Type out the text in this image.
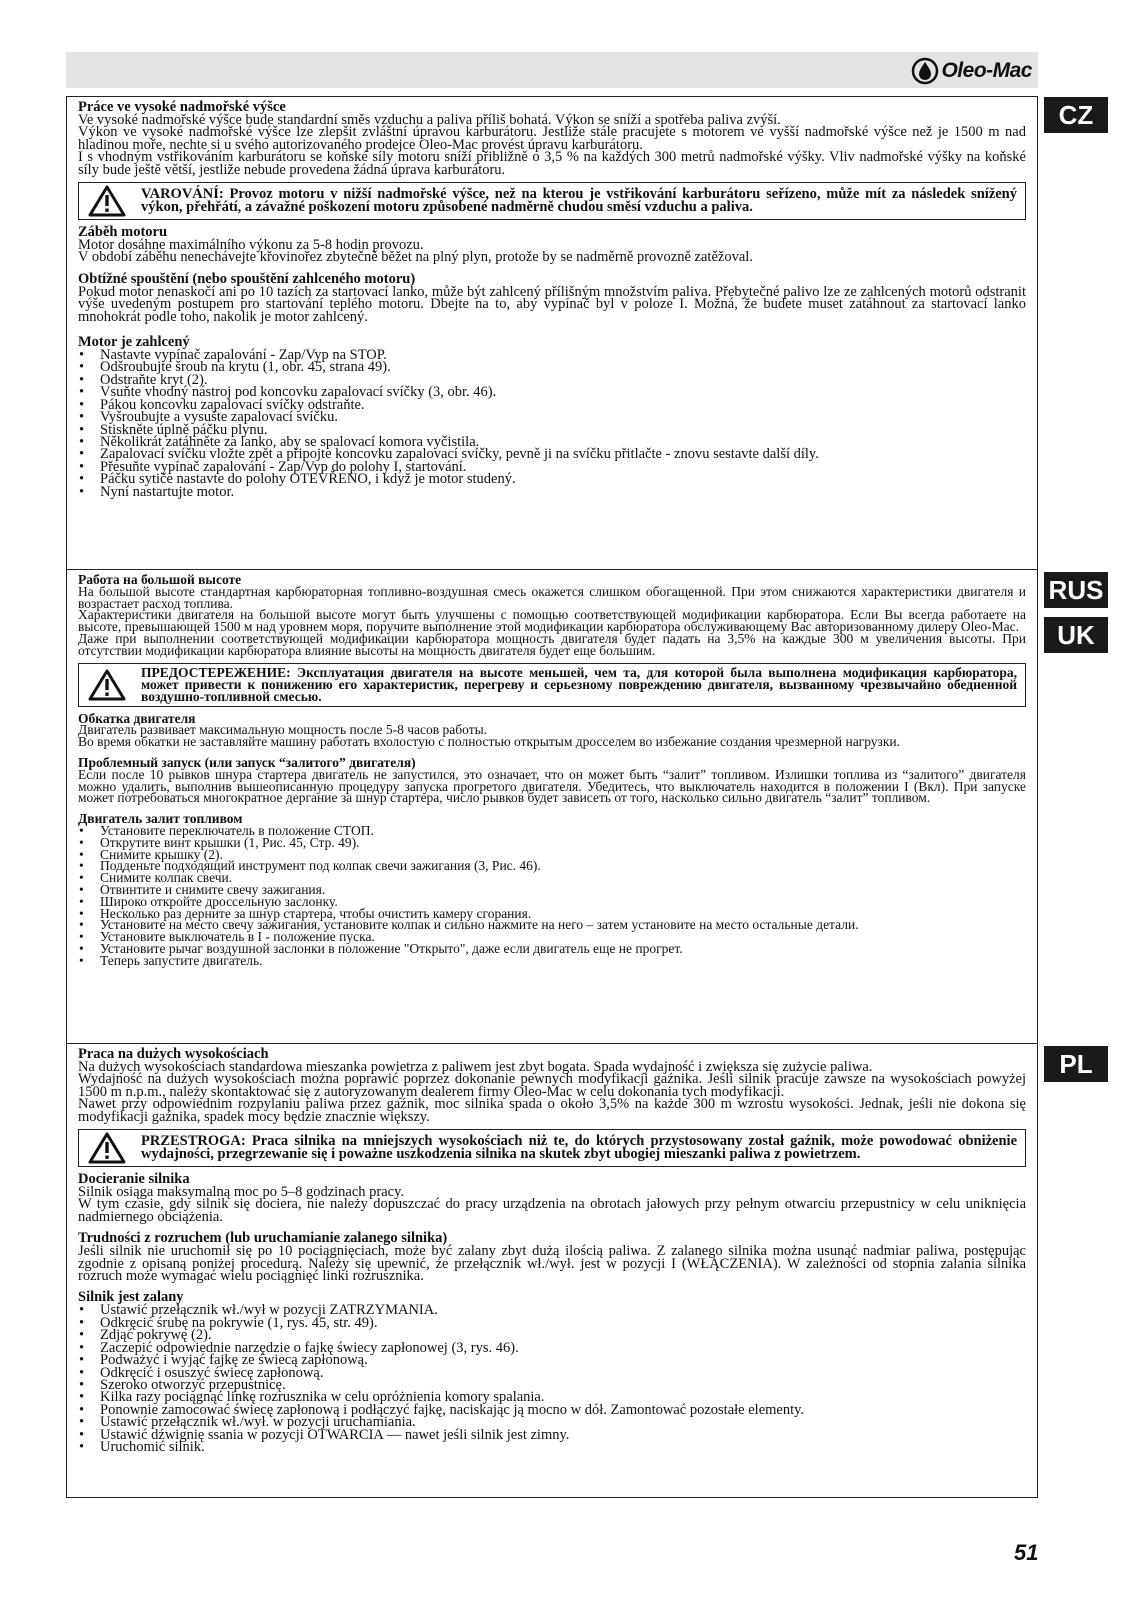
Oleo-Mac
CZ
RUS
UK
PL
Práce ve vysoké nadmořské výšce
Ve vysoké nadmořské výšce bude standardní směs vzduchu a paliva příliš bohatá. Výkon se sníží a spotřeba paliva zvýší.
Výkon ve vysoké nadmořské výšce lze zlepšit zvláštní úpravou karburátoru. Jestliže stále pracujete s motorem ve vyšší nadmořské výšce než je 1500 m nad hladinou moře, nechte si u svého autorizovaného prodejce Oleo-Mac provést úpravu karburátoru.
I s vhodným vstřikováním karburátoru se koňské síly motoru sníží přibližně o 3,5 % na každých 300 metrů nadmořské výšky. Vliv nadmořské výšky na koňské síly bude ještě větší, jestliže nebude provedena žádná úprava karburátoru.
VAROVÁNÍ: Provoz motoru v nižší nadmořské výšce, než na kterou je vstřikování karburátoru seřízeno, může mít za následek snížený výkon, přehřátí, a závažné poškození motoru způsobené nadměrně chudou směsí vzduchu a paliva.
Záběh motoru
Motor dosáhne maximálního výkonu za 5-8 hodin provozu.
V období záběhu nenechávejte křovinořez zbytečně běžet na plný plyn, protože by se nadměrně provozně zatěžoval.
Obtížné spouštění (nebo spouštění zahlceného motoru)
Pokud motor nenaskočí ani po 10 tazích za startovací lanko, může být zahlcený přílišným množstvím paliva. Přebytečné palivo lze ze zahlcených motorů odstranit výše uvedeným postupem pro startování teplého motoru. Dbejte na to, aby vypínač byl v poloze I. Možná, že budete muset zatáhnout za startovací lanko mnohokrát podle toho, nakolik je motor zahlcený.
Motor je zahlcený
• Nastavte vypínač zapalování - Zap/Vyp na STOP.
• Odšroubujte šroub na krytu (1, obr. 45, strana 49).
• Odstraňte kryt (2).
• Vsuňte vhodný nástroj pod koncovku zapalovací svíčky (3, obr. 46).
• Pákou koncovku zapalovací svíčky odstraňte.
• Vyšroubujte a vysušte zapalovací svíčku.
• Stiskněte úplně páčku plynu.
• Několikrát zatáhněte za lanko, aby se spalovací komora vyčistila.
• Zapalovací svíčku vložte zpět a připojte koncovku zapalovací svíčky, pevně ji na svíčku přitlačte - znovu sestavte další díly.
• Přesuňte vypínač zapalování - Zap/Vyp do polohy I, startování.
• Páčku sytiče nastavte do polohy OTEVŘENO, i když je motor studený.
• Nyní nastartujte motor.
Работа на большой высоте
На большой высоте стандартная карбюраторная топливно-воздушная смесь окажется слишком обогащенной. При этом снижаются характеристики двигателя и возрастает расход топлива.
Характеристики двигателя на большой высоте могут быть улучшены с помощью соответствующей модификации карбюратора. Если Вы всегда работаете на высоте, превышающей 1500 м над уровнем моря, поручите выполнение этой модификации карбюратора обслуживающему Вас авторизованному дилеру Oleo-Mac.
Даже при выполнении соответствующей модификации карбюратора мощность двигателя будет падать на 3,5% на каждые 300 м увеличения высоты. При отсутствии модификации карбюратора влияние высоты на мощность двигателя будет еще большим.
ПРЕДОСТЕРЕЖЕНИЕ: Эксплуатация двигателя на высоте меньшей, чем та, для которой была выполнена модификация карбюратора, может привести к понижению его характеристик, перегреву и серьезному повреждению двигателя, вызванному чрезвычайно обедненной воздушно-топливной смесью.
Обкатка двигателя
Двигатель развивает максимальную мощность после 5-8 часов работы.
Во время обкатки не заставляйте машину работать вхолостую с полностью открытым дросселем во избежание создания чрезмерной нагрузки.
Проблемный запуск (или запуск “залитого” двигателя)
Если после 10 рывков шнура стартера двигатель не запустился, это означает, что он может быть “залит” топливом. Излишки топлива из “залитого” двигателя можно удалить, выполнив вышеописанную процедуру запуска прогретого двигателя. Убедитесь, что выключатель находится в положении I (Вкл). При запуске может потребоваться многократное дергание за шнур стартера, число рывков будет зависеть от того, насколько сильно двигатель “залит” топливом.
Двигатель залит топливом
• Установите переключатель в положение СТОП.
• Открутите винт крышки (1, Рис. 45, Стр. 49).
• Снимите крышку (2).
• Подденьте подходящий инструмент под колпак свечи зажигания (3, Рис. 46).
• Снимите колпак свечи.
• Отвинтите и снимите свечу зажигания.
• Широко откройте дроссельную заслонку.
• Несколько раз дерните за шнур стартера, чтобы очистить камеру сгорания.
• Установите на место свечу зажигания, установите колпак и сильно нажмите на него – затем установите на место остальные детали.
• Установите выключатель в I - положение пуска.
• Установите рычаг воздушной заслонки в положение "Открыто", даже если двигатель еще не прогрет.
• Теперь запустите двигатель.
Praca na dużych wysokościach
Na dużych wysokościach standardowa mieszanka powietrza z paliwem jest zbyt bogata. Spada wydajność i zwiększa się zużycie paliwa.
Wydajność na dużych wysokościach można poprawić poprzez dokonanie pewnych modyfikacji gaźnika. Jeśli silnik pracuje zawsze na wysokościach powyżej 1500 m n.p.m., należy skontaktować się z autoryzowanym dealerem firmy Oleo-Mac w celu dokonania tych modyfikacji.
Nawet przy odpowiednim rozpylaniu paliwa przez gaźnik, moc silnika spada o około 3,5% na każde 300 m wzrostu wysokości. Jednak, jeśli nie dokona się modyfikacji gaźnika, spadek mocy będzie znacznie większy.
PRZESTROGA: Praca silnika na mniejszych wysokościach niż te, do których przystosowany został gaźnik, może powodować obniżenie wydajności, przegrzewanie się i poważne uszkodzenia silnika na skutek zbyt ubogiej mieszanki paliwa z powietrzem.
Docieranie silnika
Silnik osiąga maksymalną moc po 5–8 godzinach pracy.
W tym czasie, gdy silnik się dociera, nie należy dopuszczać do pracy urządzenia na obrotach jałowych przy pełnym otwarciu przepustnicy w celu uniknięcia nadmiernego obciążenia.
Trudności z rozruchem (lub uruchamianie zalanego silnika)
Jeśli silnik nie uruchomił się po 10 pociągnięciach, może być zalany zbyt dużą ilością paliwa. Z zalanego silnika można usunąć nadmiar paliwa, postępując zgodnie z opisaną poniżej procedurą. Należy się upewnić, że przełącznik wł./wył. jest w pozycji I (WŁĄCZENIA). W zależności od stopnia zalania silnika rozruch może wymagać wielu pociągnięć linki rozrusznika.
Silnik jest zalany
• Ustawić przełącznik wł./wył w pozycji ZATRZYMANIA.
• Odkręcić śrubę na pokrywie (1, rys. 45, str. 49).
• Zdjąć pokrywę (2).
• Zaczepić odpowiednie narzędzie o fajkę świecy zapłonowej (3, rys. 46).
• Podważyć i wyjąć fajkę ze świecą zapłonową.
• Odkręcić i osuszyć świecę zapłonową.
• Szeroko otworzyć przepustnicę.
• Kilka razy pociągnąć linkę rozrusznika w celu opróżnienia komory spalania.
• Ponownie zamocować świecę zapłonową i podłączyć fajkę, naciskając ją mocno w dół. Zamontować pozostałe elementy.
• Ustawić przełącznik wł./wył. w pozycji uruchamiania.
• Ustawić dźwignię ssania w pozycji OTWARCIA — nawet jeśli silnik jest zimny.
• Uruchomić silnik.
51
